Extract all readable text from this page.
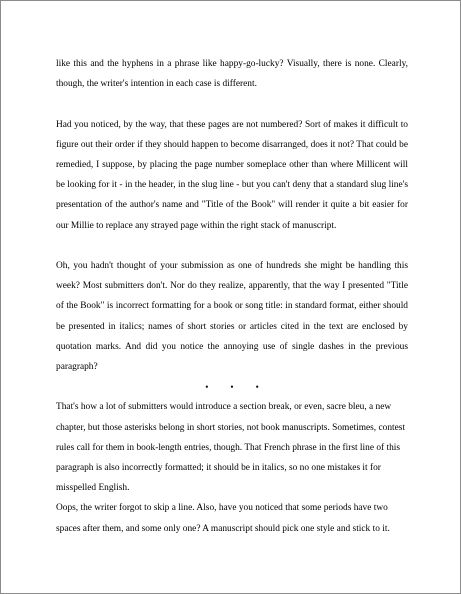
like this and the hyphens in a phrase like happy-go-lucky? Visually, there is none. Clearly, though, the writer's intention in each case is different.

Had you noticed, by the way, that these pages are not numbered? Sort of makes it difficult to figure out their order if they should happen to become disarranged, does it not? That could be remedied, I suppose, by placing the page number someplace other than where Millicent will be looking for it - in the header, in the slug line - but you can't deny that a standard slug line's presentation of the author's name and "Title of the Book" will render it quite a bit easier for our Millie to replace any strayed page within the right stack of manuscript.

Oh, you hadn't thought of your submission as one of hundreds she might be handling this week? Most submitters don't. Nor do they realize, apparently, that the way I presented "Title of the Book" is incorrect formatting for a book or song title: in standard format, either should be presented in italics; names of short stories or articles cited in the text are enclosed by quotation marks. And did you notice the annoying use of single dashes in the previous paragraph?

• • •

That's how a lot of submitters would introduce a section break, or even, sacre bleu, a new chapter, but those asterisks belong in short stories, not book manuscripts. Sometimes, contest rules call for them in book-length entries, though. That French phrase in the first line of this paragraph is also incorrectly formatted; it should be in italics, so no one mistakes it for misspelled English.

Oops, the writer forgot to skip a line. Also, have you noticed that some periods have two spaces after them, and some only one? A manuscript should pick one style and stick to it.
